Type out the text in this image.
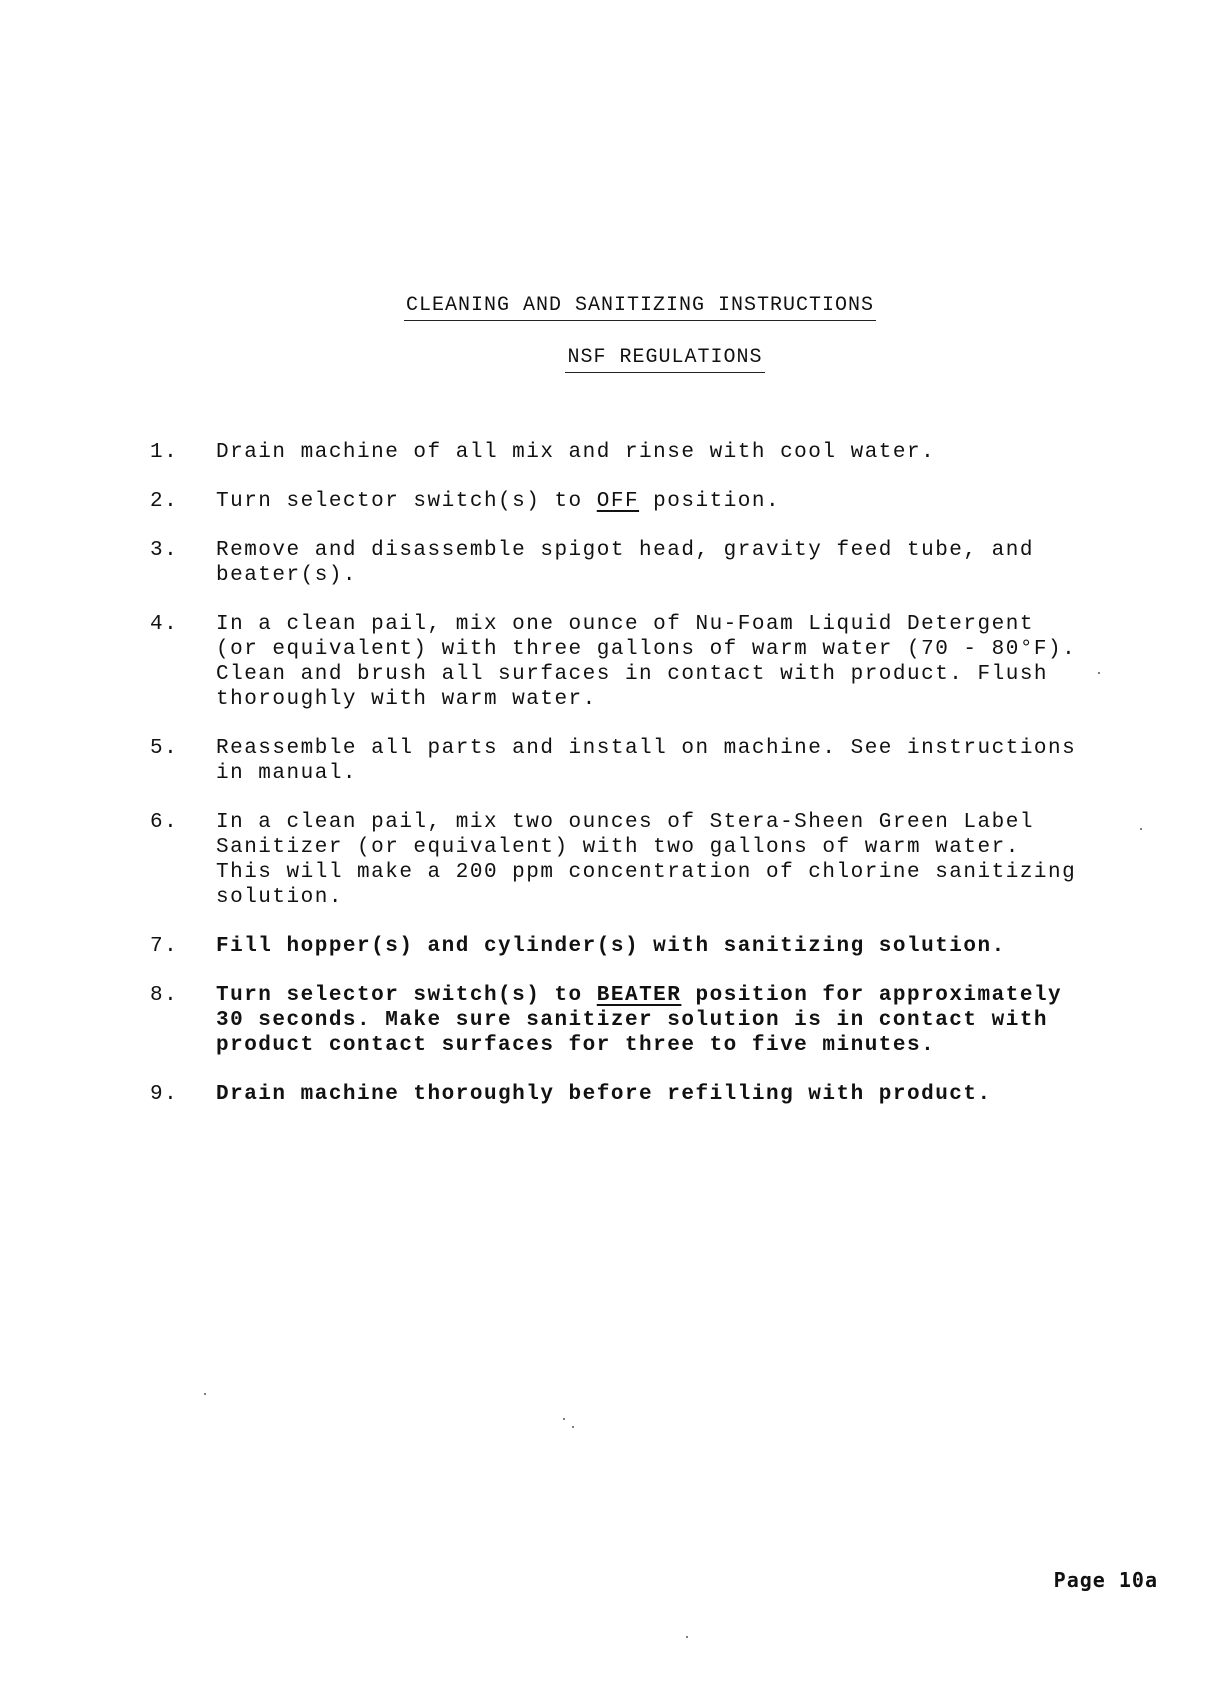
CLEANING AND SANITIZING INSTRUCTIONS
NSF REGULATIONS
1. Drain machine of all mix and rinse with cool water.
2. Turn selector switch(s) to OFF position.
3. Remove and disassemble spigot head, gravity feed tube, and beater(s).
4. In a clean pail, mix one ounce of Nu-Foam Liquid Detergent (or equivalent) with three gallons of warm water (70 - 80°F). Clean and brush all surfaces in contact with product. Flush thoroughly with warm water.
5. Reassemble all parts and install on machine. See instructions in manual.
6. In a clean pail, mix two ounces of Stera-Sheen Green Label Sanitizer (or equivalent) with two gallons of warm water. This will make a 200 ppm concentration of chlorine sanitizing solution.
7. Fill hopper(s) and cylinder(s) with sanitizing solution.
8. Turn selector switch(s) to BEATER position for approximately 30 seconds. Make sure sanitizer solution is in contact with product contact surfaces for three to five minutes.
9. Drain machine thoroughly before refilling with product.
Page 10a
